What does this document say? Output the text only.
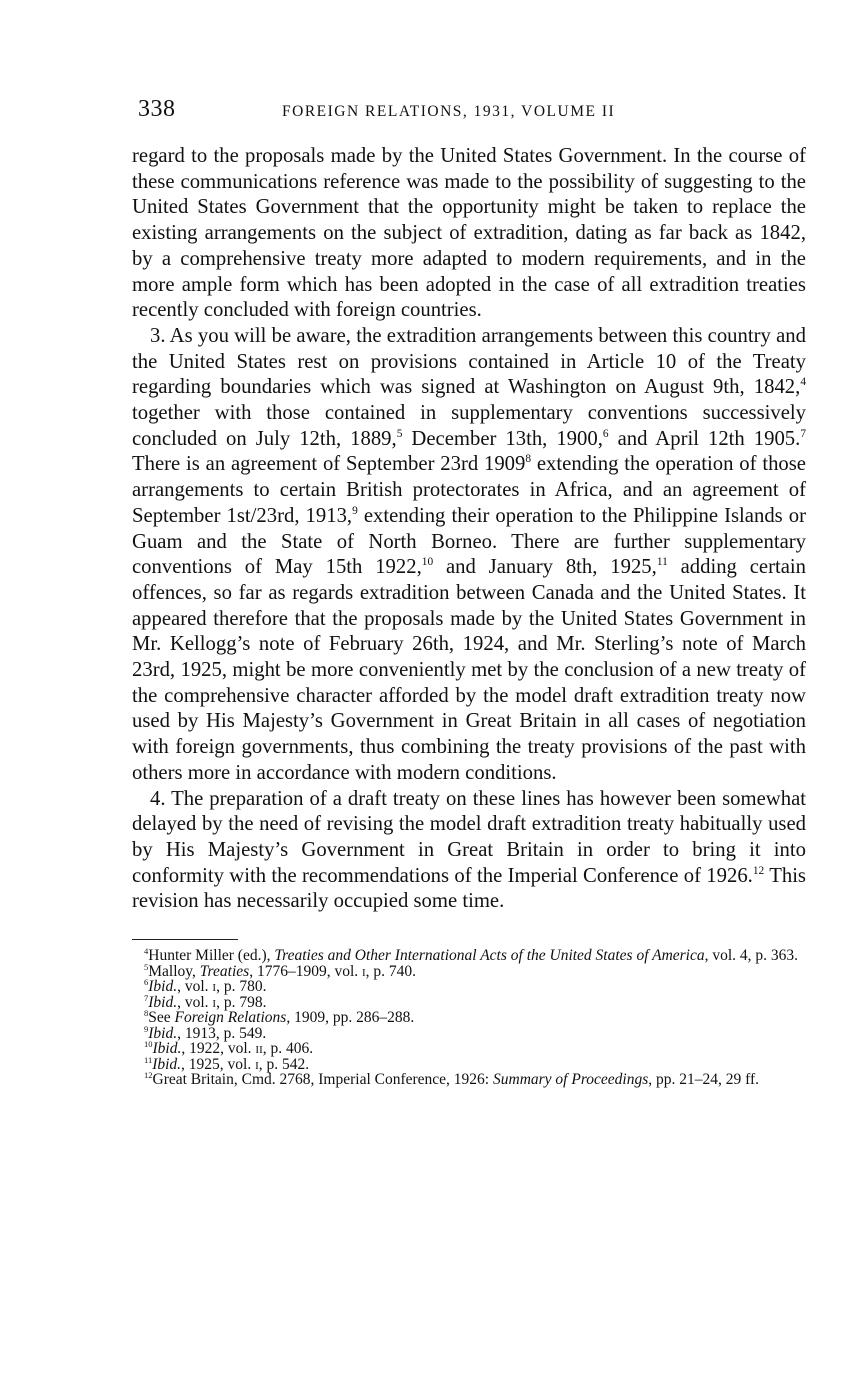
338	FOREIGN RELATIONS, 1931, VOLUME II

regard to the proposals made by the United States Government. In the course of these communications reference was made to the possibility of suggesting to the United States Government that the opportunity might be taken to replace the existing arrangements on the subject of extradition, dating as far back as 1842, by a comprehensive treaty more adapted to modern requirements, and in the more ample form which has been adopted in the case of all extradition treaties recently concluded with foreign countries.

3. As you will be aware, the extradition arrangements between this country and the United States rest on provisions contained in Article 10 of the Treaty regarding boundaries which was signed at Washington on August 9th, 1842,$^4$ together with those contained in supplementary conventions successively concluded on July 12th, 1889,$^5$ December 13th, 1900,$^6$ and April 12th 1905.$^7$ There is an agreement of September 23rd 1909$^8$ extending the operation of those arrangements to certain British protectorates in Africa, and an agreement of September 1st/23rd, 1913,$^9$ extending their operation to the Philippine Islands or Guam and the State of North Borneo. There are further supplementary conventions of May 15th 1922,10 and January 8th, 1925,11 adding certain offences, so far as regards extradition between Canada and the United States. It appeared therefore that the proposals made by the United States Government in Mr. Kellogg’s note of February 26th, 1924, and Mr. Sterling’s note of March 23rd, 1925, might be more conveniently met by the conclusion of a new treaty of the comprehensive character afforded by the model draft extradition treaty now used by His Majesty’s Government in Great Britain in all cases of negotiation with foreign governments, thus combining the treaty provisions of the past with others more in accordance with modern conditions.

4. The preparation of a draft treaty on these lines has however been somewhat delayed by the need of revising the model draft extradition treaty habitually used by His Majesty’s Government in Great Britain in order to bring it into conformity with the recommendations of the Imperial Conference of 1926.12 This revision has necessarily occupied some time.

$^4$Hunter Miller (ed.), Treaties and Other International Acts of the United States of America, vol. 4, p. 363.

$^5$Malloy, Treaties, 1776–1909, vol. i, p. 740.

$^6$Ibid., vol. i, p. 780.

$^7$Ibid., vol. i, p. 798.

$^8$See Foreign Relations, 1909, pp. 286–288.

$^9$Ibid., 1913, p. 549.

$^{10}$Ibid., 1922, vol. ii, p. 406.

$^{11}$Ibid., 1925, vol. i, p. 542.

$^{12}$Great Britain, Cmd. 2768, Imperial Conference, 1926: Summary of Proceedings, pp. 21–24, 29 ff.
